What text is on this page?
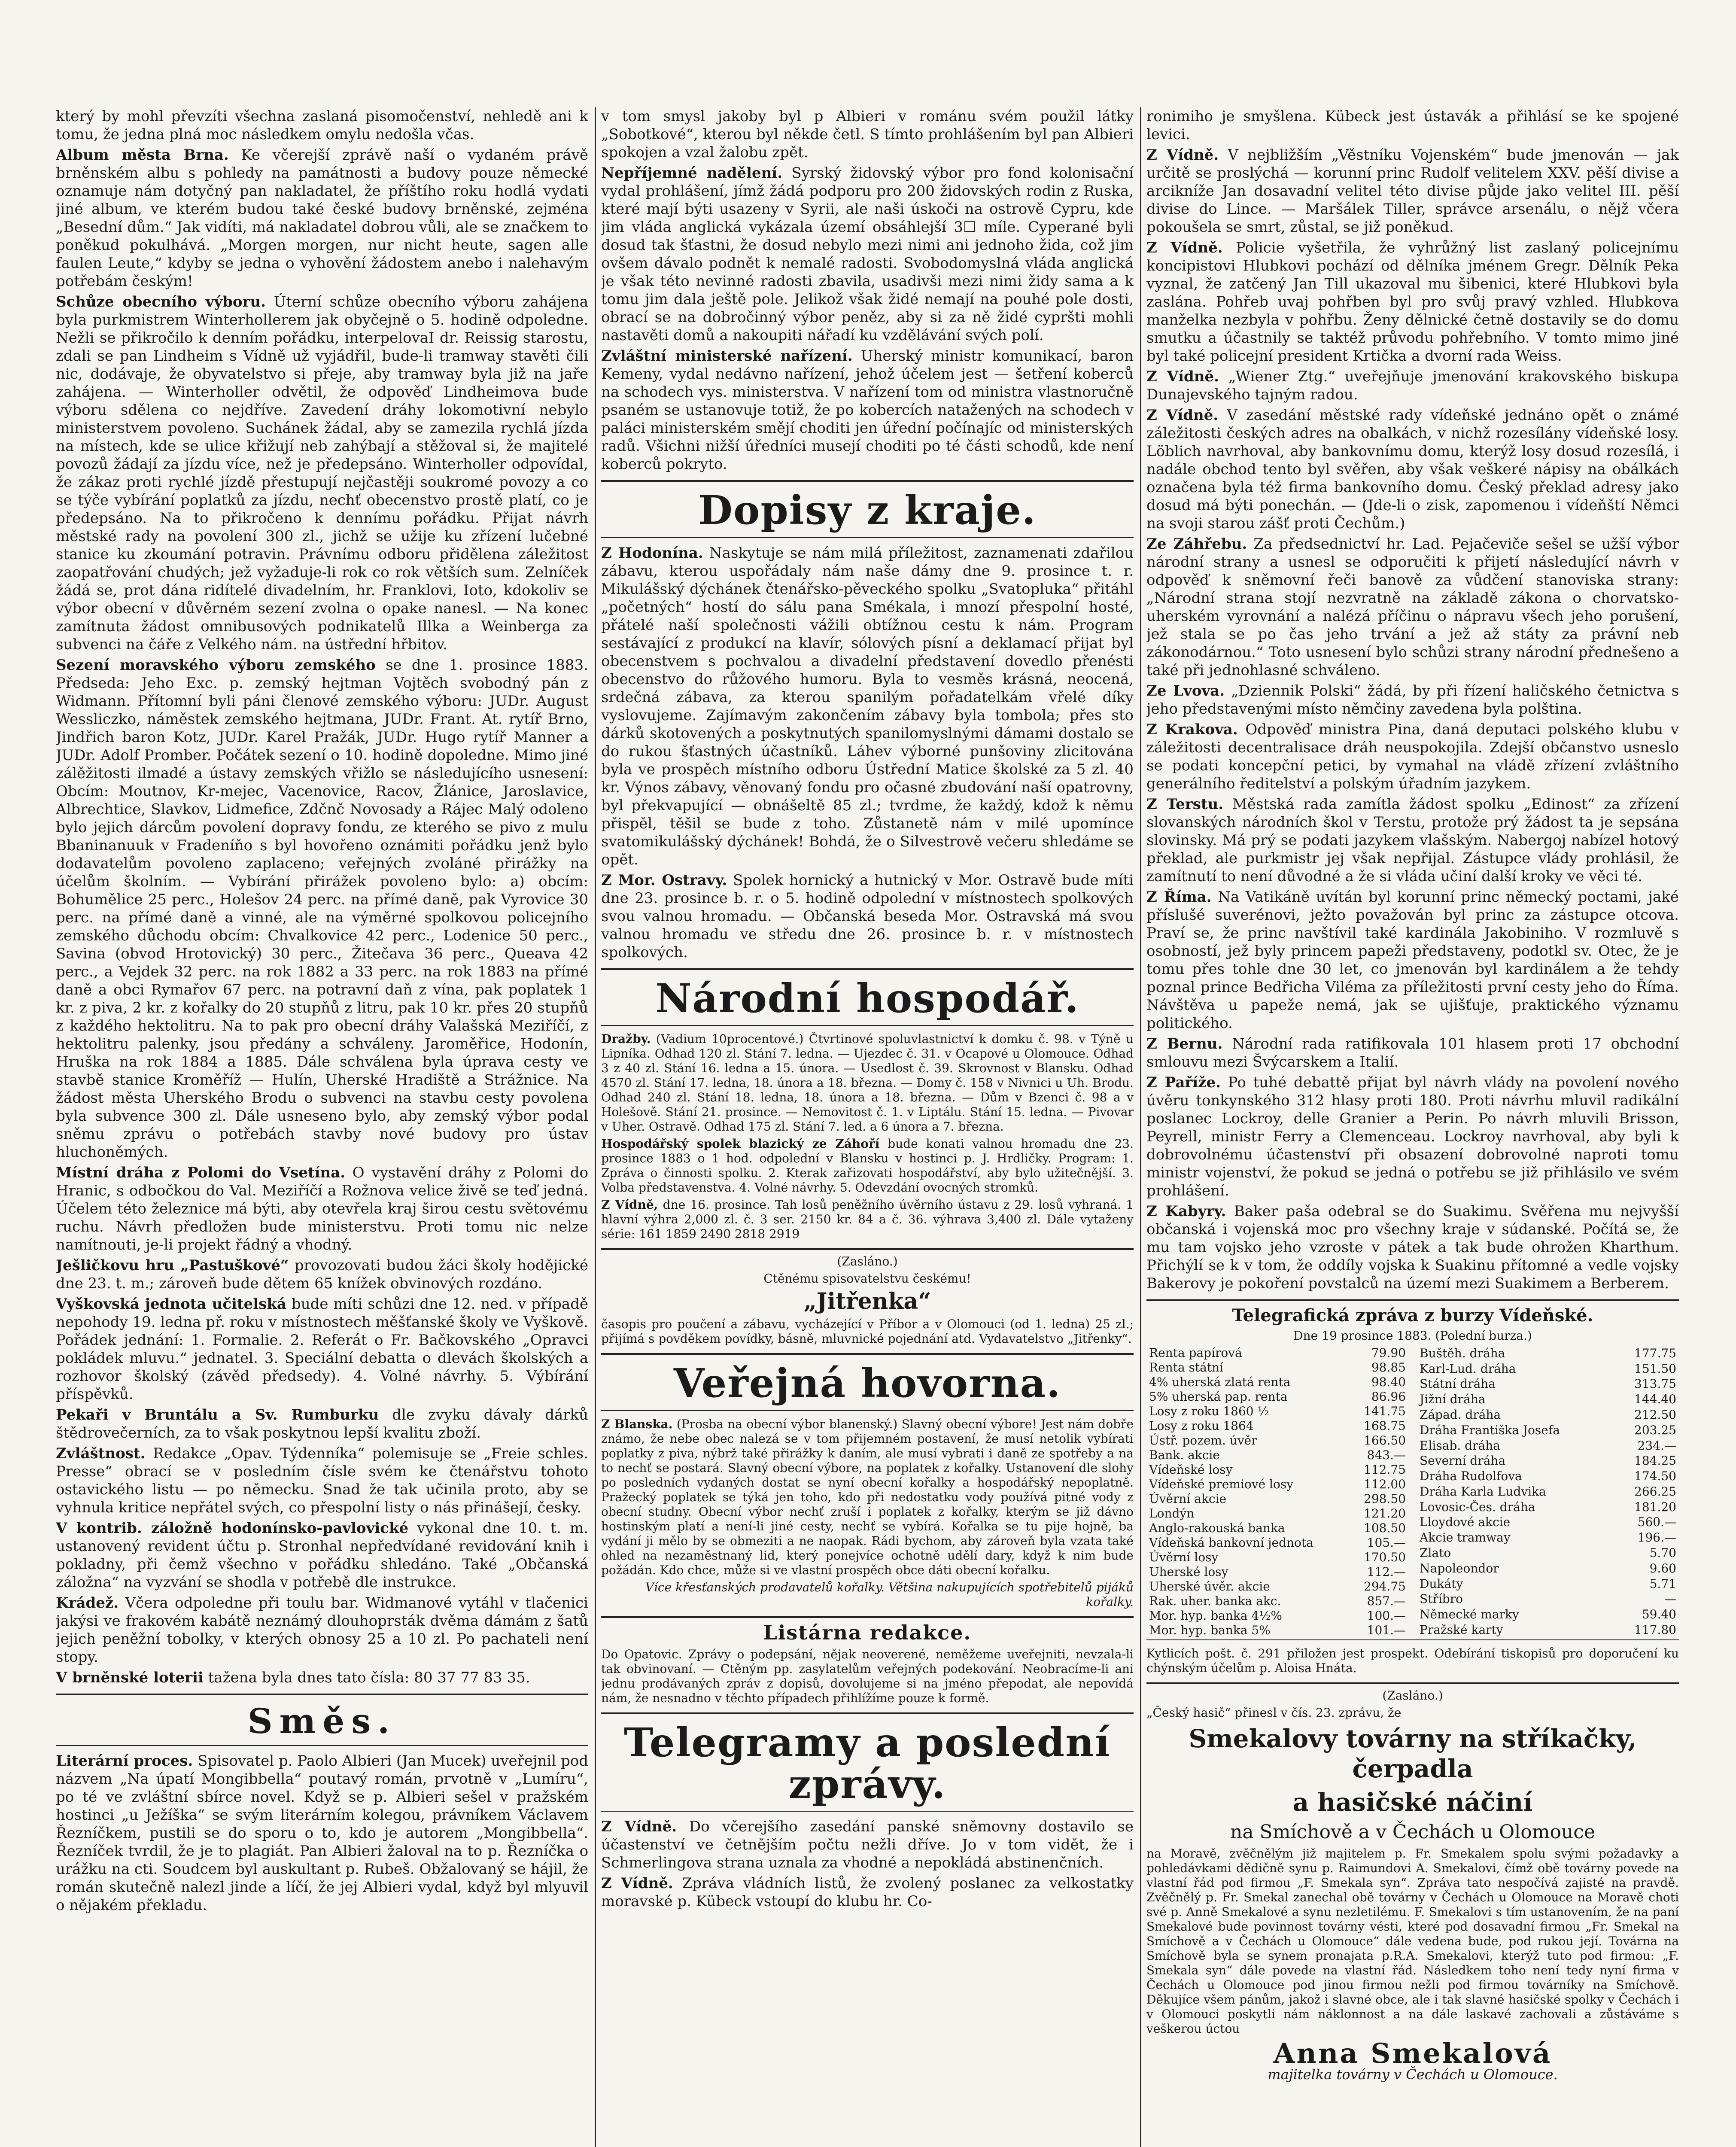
který by mohl převzíti všechna zaslaná pisomočenství, nehledě ani k tomu, že jedna plná moc následkem omylu nedošla včas.

Album města Brna. Ke včerejší zprávě naší o vydaném právě brněnském albu s pohledy na památnosti a budovy pouze německé oznamuje nám dotyčný pan nakladatel, že příštího roku hodlá vydati jiné album, ve kterém budou také české budovy brněnské, zejména „Besední dům.“ Jak vidíti, má nakladatel dobrou vůli, ale se značkem to poněkud pokulhává. „Morgen morgen, nur nicht heute, sagen alle faulen Leute,“ kdyby se jedna o vyhovění žádostem anebo i nalehavým potřebám českým!

Schůze obecního výboru. Úterní schůze obecního výboru zahájena byla purkmistrem Winterhollerem jak obyčejně o 5. hodině odpoledne. Nežli se přikročilo k denním pořádku, interpelovaI dr. Reissig starostu, zdali se pan Lindheim s Vídně už vyjádřil, bude-li tramway stavěti čili nic, dodávaje, že obyvatelstvo si přeje, aby tramway byla již na jaře zahájena. — Winterholler odvětil, že odpověď Lindheimova bude výboru sdělena co nejdříve. Zavedení dráhy lokomotivní nebylo ministerstvem povoleno. Suchánek žádal, aby se zamezila rychlá jízda na místech, kde se ulice křižují neb zahýbají a stěžoval si, že majitelé povozů žádají za jízdu více, než je předepsáno. Winterholler odpovídal, že zákaz proti rychlé jízdě přestupují nejčastěji soukromé povozy a co se týče vybírání poplatků za jízdu, nechť obecenstvo prostě platí, co je předepsáno. Na to přikročeno k dennímu pořádku. Přijat návrh městské rady na povolení 300 zl., jichž se užije ku zřízení lučebné stanice ku zkoumání potravin. Právnímu odboru přidělena záležitost zaopatřování chudých; jež vyžaduje-li rok co rok větších sum. Zelníček žádá se, prot dána ridítelé divadelním, hr. Franklovi, Ioto, kdokoliv se výbor obecní v důvěrném sezení zvolna o opakе nanesl. — Na konec zamítnuta žádost omnibusových podnikatelů Illka a Weinberga za subvenci na čáře z Velkého nám. na ústřední hřbitov.

Sezení moravského výboru zemského se dne 1. prosince 1883. Předseda: Jeho Exc. p. zemský hejtman Vojtěch svobodný pán z Widmann. Přítomní byli páni členové zemského výboru: JUDr. August Wessliczko, náměstek zemského hejtmana, JUDr. Frant. At. rytíř Brno, Jindřich baron Kotz, JUDr. Karel Pražák, JUDr. Hugo rytíř Manner a JUDr. Adolf Promber. Počátek sezení o 10. hodině dopoledne. Mimo jiné zálěžitosti ilmadé a ústavy zemských vřižlo se následujícího usnesení: Obcím: Moutnov, Kr-mejec, Vacenovice, Racov, Žlánice, Jaroslavice, Albrechtice, Slavkov, Lidmefice, Zdčnč Novosady a Rájec Malý odoleno bylo jejich dárcům povolení dopravy fondu, ze kterého se pivo z mulu Bbaninanuuk v Fradeníňo s byl hovořeno oznámiti pořádku jenž bylo dodavatelům povoleno zaplaceno; veřejných zvoláné přirážky na účelům školním. — Vybírání přirážek povoleno bylo: a) obcím: Bohumělice 25 perc., Holešov 24 perc. na přímé daně, pak Vyrovice 30 perc. na přímé daně a vinné, ale na výměrné spolkovou policejního zemského důchodu obcím: Chvalkovice 42 perc., Lodenice 50 perc., Savina (obvod Hrotovický) 30 perc., Žitečava 36 perc., Queava 42 perc., a Vejdek 32 perc. na rok 1882 a 33 perc. na rok 1883 na přímé daně a obci Rymařov 67 perc. na potravní daň z vína, pak poplatek 1 kr. z piva, 2 kr. z kořalky do 20 stupňů z litru, pak 10 kr. přes 20 stupňů z každého hektolitru. Na to pak pro obecní dráhy Valašská Meziříčí, z hektolitru palenky, jsou předány a schváleny. Jaroměřice, Hodonín, Hruška na rok 1884 a 1885. Dále schválena byla úprava cesty ve stavbě stanice Kroměříž — Hulín, Uherské Hradiště a Strážnice. Na žádost města Uherského Brodu o subvenci na stavbu cesty povolena byla subvence 300 zl. Dále usneseno bylo, aby zemský výbor podal sněmu zprávu o potřebách stavby nové budovy pro ústav hluchoněmých.

Místní dráha z Polomi do Vsetína. O vystavění dráhy z Polomi do Hranic, s odbočkou do Val. Meziříčí a Rožnova velice živě se teď jedná. Účelem této železnice má býti, aby otevřela kraj širou cestu světovému ruchu. Návrh předložen bude ministerstvu. Proti tomu nic nelze namítnouti, je-li projekt řádný a vhodný.

Ješličkovu hru „Pastuškové“ provozovati budou žáci školy hodějické dne 23. t. m.; zároveň bude dětem 65 knížek obvinových rozdáno.

Vyškovská jednota učitelská bude míti schůzi dne 12. ned. v případě nepohody 19. ledna př. roku v místnostech měšťanské školy ve Vyškově. Pořádek jednání: 1. Formalie. 2. Referát o Fr. Bačkovského „Opravci pokládek mluvu.“ jednatel. 3. Speciální debatta o dlevách školských a rozhovor školský (závěd předsedy). 4. Volné návrhy. 5. Výbírání příspěvků.

Pekaři v Bruntálu a Sv. Rumburku dle zvyku dávaly dárků štědrovečerních, za to však poskytnou lepší kvalitu zboží.

Zvláštnost. Redakce „Opav. Týdenníka“ polemisuje se „Freie schles. Presse“ obrací se v posledním čísle svém ke čtenářstvu tohoto ostavického listu — po německu. Snad že tak učinila proto, aby se vyhnula kritice nepřátel svých, co přespolní listy o nás přinášejí, česky.

V kontrib. záložně hodonínsko-pavlovické vykonal dne 10. t. m. ustanovený revident účtu p. Stronhal nepředvídané revidování knih i pokladny, při čemž všechno v pořádku shledáno. Také „Občanská záložna“ na vyzvání se shodla v potřebě dle instrukce.

Krádež. Včera odpoledne při toulu bar. Widmanové vytáhl v tlačenici jakýsi ve frakovém kabátě neznámý dlouhoprsták dvěma dámám z šatů jejich peněžní tobolky, v kterých obnosy 25 a 10 zl. Po pachateli není stopy.

V brněnské loterii tažena byla dnes tato čísla: 80 37 77 83 35.

Směs.

Literární proces. Spisovatel p. Paolo Albieri (Jan Mucek) uveřejnil pod názvem „Na úpatí Mongibbella“ poutavý román, prvotně v „Lumíru“, po té ve zvláštní sbírce novel. Když se p. Albieri sešel v pražském hostinci „u Ježíška“ se svým literárním kolegou, právníkem Václavem Řezníčkem, pustili se do sporu o to, kdo je autorem „Mongibbella“. Řezníček tvrdil, že je to plagiát. Pan Albieri žaloval na to p. Řezníčka o urážku na cti. Soudcem byl auskultant p. Rubeš. Obžalovaný se hájil, že román skutečně nalezl jinde a líčí, že jej Albieri vydal, když byl mlyuvil o nějakém překladu.

v tom smysl jakoby byl p Albieri v románu svém použil látky „Sobotkové“, kterou byl někde četl. S tímto prohlášením byl pan Albieri spokojen a vzal žalobu zpět.

Nepříjemné nadělení. Syrský židovský výbor pro fond kolonisační vydal prohlášení, jímž žádá podporu pro 200 židovských rodin z Ruska, které mají býti usazeny v Syrii, ale naši úskoči na ostrově Cypru, kde jim vláda anglická vykázala území obsáhlejší 3☐ míle. Cyperané byli dosud tak šťastni, že dosud nebylo mezi nimi ani jednoho žida, což jim ovšem dávalo podnět k nemalé radosti. Svobodomyslná vláda anglická je však této nevinné radosti zbavila, usadivši mezi nimi židy sama a k tomu jim dala ještě pole. Jelikož však židé nemají na pouhé pole dosti, obrací se na dobročinný výbor peněz, aby si za ně židé cypršti mohli nastavěti domů a nakoupiti nářadí ku vzdělávání svých polí.

Zvláštní ministerské nařízení. Uherský ministr komunikací, baron Kemeny, vydal nedávno nařízení, jehož účelem jest — šetření koberců na schodech vys. ministerstva. V nařízení tom od ministra vlastnoručně psaném se ustanovuje totiž, že po kobercích natažených na schodech v paláci ministerském smějí choditi jen úřední počínajíc od ministerských radů. Všichni nižší úředníci musejí choditi po té části schodů, kde není koberců pokryto.

Dopisy z kraje.

Z Hodonína. Naskytuje se nám milá příležitost, zaznamenati zdařilou zábavu, kterou uspořádaly nám naše dámy dne 9. prosince t. r. Mikulášský dýchánek čtenářsko-pěveckého spolku „Svatopluka“ přitáhl „početných“ hostí do sálu pana Smékala, i mnozí přespolní hosté, přátelé naší společnosti vážili obtížnou cestu k nám. Program sestávající z produkcí na klavír, sólových písní a deklamací přijat byl obecenstvem s pochvalou a divadelní představení dovedlo přenésti obecenstvo do růžového humoru. Byla to vesměs krásná, neocená, srdečná zábava, za kterou spanilým pořadatelkám vřelé díky vyslovujeme. Zajímavým zakončením zábavy byla tombola; přes sto dárků skotovených a poskytnutých spanilomyslnými dámami dostalo se do rukou šťastných účastníků. Láhev výborné punšoviny zlicitována byla ve prospěch místního odboru Ústřední Matice školské za 5 zl. 40 kr. Výnos zábavy, věnovaný fondu pro očasné zbudování naší opatrovny, byl překvapující — obnášeltě 85 zl.; tvrdme, že každý, kdož k němu přispěl, těšil se bude z toho. Zůstanetě nám v milé upomínce svatomikulášský dýchánek! Bohdá, že o Silvestrově večeru shledáme se opět.

Z Mor. Ostravy. Spolek hornický a hutnický v Mor. Ostravě bude míti dne 23. prosince b. r. o 5. hodině odpolední v místnostech spolkových svou valnou hromadu. — Občanská beseda Mor. Ostravská má svou valnou hromadu ve středu dne 26. prosince b. r. v místnostech spolkových.

Národní hospodář.

Dražby. (Vadium 10procentové.) Čtvrtinové spoluvlastnictví k domku č. 98. v Týně u Lipníka. Odhad 120 zl. Stání 7. ledna. — Ujezdec č. 31. v Ocapové u Olomouce. Odhad 3 z 40 zl. Stání 16. ledna a 15. února. — Usedlost č. 39. Skrovnost v Blansku. Odhad 4570 zl. Stání 17. ledna, 18. února a 18. března. — Domy č. 158 v Nivnici u Uh. Brodu. Odhad 240 zl. Stání 18. ledna, 18. února a 18. března. — Dům v Bzenci č. 98 a v Holešově. Stání 21. prosince. — Nemovitost č. 1. v Liptálu. Stání 15. ledna. — Pivovar v Uher. Ostravě. Odhad 175 zl. Stání 7. led. a 6 února a 7. března.

Hospodářský spolek blazický ze Záhoří bude konati valnou hromadu dne 23. prosince 1883 o 1 hod. odpolední v Blansku v hostinci p. J. Hrdličky. Program: 1. Zpráva o činnosti spolku. 2. Kterak zařizovati hospodářství, aby bylo užitečnější. 3. Volba představenstva. 4. Volné návrhy. 5. Odevzdání ovocných stromků.

Z Vídně, dne 16. prosince. Tah losů peněžního úvěrního ústavu z 29. losů vyhraná. 1 hlavní výhra 2,000 zl. č. 3 ser. 2150 kr. 84 a č. 36. výhrava 3,400 zl. Dále vytaženy série: 161 1859 2490 2818 2919

(Zasláno.)

Ctěnému spisovatelstvu českému!

„Jitřenka“

časopis pro poučení a zábavu, vycházející v Příbor a v Olomouci (od 1. ledna) 25 zl.; přijímá s povděkem povídky, básně, mluvnické pojednání atd. Vydavatelstvo „Jitřenky“.

Veřejná hovorna.

Z Blanska. (Prosba na obecní výbor blanenský.) Slavný obecní výbore! Jest nám dobře známo, že nebe obec nalezá se v tom přijemném postavení, že musí netolik vybírati poplatky z piva, nýbrž také přirážky k daním, ale musí vybrati i daně ze spotřeby a na to nechť se postará. Slavný obecní výbore, na poplatek z kořalky. Ustanovení dle slohy po posledních vydaných dostat se nyní obecní kořalky a hospodářský nepoplatně. Pražecký poplatek se týká jen toho, kdo při nedostatku vody používá pitné vody z obecní studny. Obecní výbor nechť zruší i poplatek z kořalky, kterým se již dávno hostinským platí a není-li jiné cesty, nechť se vybírá. Kořalka se tu pije hojně, ba vydání ji mělo by se obmeziti a ne naopak. Rádi bychom, aby zároveň byla vzata také ohled na nezaměstnaný lid, který ponejvíce ochotně udělí dary, když k nim bude požádán. Kdo chce, může si ve vlastní prospěch obce dáti obecní kořalku.

Více křesťanských prodavatelů kořalky. Většina nakupujících spotřebitelů pijáků kořalky.

Listárna redakce.

Do Opatovic. Zprávy o podepsání, nějak neoverené, neměžeme uveřejniti, nevzala-li tak obvinovaní. — Ctěným pp. zasylatelům veřejných podekování. Neobracíme-li ani jednu prodávaných zpráv z dopisů, dovolujeme si na jméno přepodat, ale nepovídá nám, že nesnadno v těchto případech přihlížíme pouze k formě.

Telegramy a poslední zprávy.

Z Vídně. Do včerejšího zasedání panské sněmovny dostavilo se účastenství ve četnějším počtu nežli dříve. Jo v tom vidět, že i Schmerlingova strana uznala za vhodné a nepokládá abstinenčních.

Z Vídně. Zpráva vládních listů, že zvolený poslanec za velkostatky moravské p. Kübeck vstoupí do klubu hr. Co-

ronimiho je smyšlena. Kübeck jest ústavák a přihlásí se ke spojené levici.

Z Vídně. V nejbližším „Věstníku Vojenském“ bude jmenován — jak určitě se proslýchá — korunní princ Rudolf velitelem XXV. pěší divise a arcikníže Jan dosavadní velitel této divise půjde jako velitel III. pěší divise do Lince. — Maršálek Tiller, správce arsenálu, o nějž včera pokoušela se smrt, zůstal, se již poněkud.

Z Vídně. Policie vyšetřila, že vyhrůžný list zaslaný policejnímu koncipistovi Hlubkovi pochází od dělníka jménem Gregr. Dělník Peka vyznal, že zatčený Jan Till ukazoval mu šibenici, které Hlubkovi byla zaslána. Pohřeb uvaj pohřben byl pro svůj pravý vzhled. Hlubkova manželka nezbyla v pohřbu. Ženy dělnické četně dostavily se do domu smutku a účastnily se taktéž průvodu pohřebního. V tomto mimo jiné byl také policejní president Krtička a dvorní rada Weiss.

Z Vídně. „Wiener Ztg.“ uveřejňuje jmenování krakovského biskupa Dunajevského tajným radou.

Z Vídně. V zasedání městské rady vídeňské jednáno opět o známé záležitosti českých adres na obalkách, v nichž rozesílány vídeňské losy. Löblich navrhoval, aby bankovnímu domu, kterýž losy dosud rozesílá, i nadále obchod tento byl svěřen, aby však veškeré nápisy na obálkách označena byla též firma bankovního domu. Český překlad adresy jako dosud má býti ponechán. — (Jde-li o zisk, zapomenou i vídeňští Němci na svoji starou zášť proti Čechům.)

Ze Záhřebu. Za předsednictví hr. Lad. Pejačeviče sešel se užší výbor národní strany a usnesl se odporučiti k přijetí následující návrh v odpověď k sněmovní řeči banově za vůdčení stanoviska strany: „Národní strana stojí nezvratně na základě zákona o chorvatsko-uherském vyrovnání a nalézá příčinu o nápravu všech jeho porušení, jež stala se po čas jeho trvání a jež až státy za právní neb zákonodárnou.“ Toto usnesení bylo schůzi strany národní přednešeno a také při jednohlasné schváleno.

Ze Lvova. „Dziennik Polski“ žádá, by při řízení haličského četnictva s jeho představenými místo němčiny zavedena byla polština.

Z Krakova. Odpověď ministra Pina, daná deputaci polského klubu v záležitosti decentralisace dráh neuspokojila. Zdejší občanstvo usneslo se podati koncepční petici, by vymahal na vládě zřízení zvláštního generálního ředitelství a polským úřadním jazykem.

Z Terstu. Městská rada zamítla žádost spolku „Edinost“ za zřízení slovanských národních škol v Terstu, protože prý žádost ta je sepsána slovinsky. Má prý se podati jazykem vlašským. Nabergoj nabízel hotový překlad, ale purkmistr jej však nepřijal. Zástupce vlády prohlásil, že zamítnutí to není důvodné a že si vláda učiní další kroky ve věci té.

Z Říma. Na Vatikáně uvítán byl korunní princ německý poctami, jaké příslušé suverénovi, ježto považován byl princ za zástupce otcova. Praví se, že princ navštívil také kardinála Jakobiniho. V rozmluvě s osobností, jež byly princem papeži představeny, podotkl sv. Otec, že je tomu přes tohle dne 30 let, co jmenován byl kardinálem a že tehdy poznal prince Bedřicha Viléma za příležitosti první cesty jeho do Říma. Návštěva u papeže nemá, jak se ujišťuje, praktického významu politického.

Z Bernu. Národní rada ratifikovala 101 hlasem proti 17 obchodní smlouvu mezi Švýcarskem a Italií.

Z Paříže. Po tuhé debattě přijat byl návrh vlády na povolení nového úvěru tonkynského 312 hlasy proti 180. Proti návrhu mluvil radikální poslanec Lockroy, delle Granier a Perin. Po návrh mluvili Brisson, Peyrell, ministr Ferry a Clemenceau. Lockroy navrhoval, aby byli k dobrovolnému účastenství při obsazení dobrovolné naproti tomu ministr vojenství, že pokud se jedná o potřebu se již přihlásilo ve svém prohlášení.

Z Kabyry. Baker paša odebral se do Suakimu. Svěřena mu nejvyšší občanská i vojenská moc pro všechny kraje v súdanské. Počítá se, že mu tam vojsko jeho vzroste v pátek a tak bude ohrožen Kharthum. Přichýlí se k v tom, že oddíly vojska k Suakinu přítomné a vedle vojsky Bakerovy je pokoření povstalců na území mezi Suakimem a Berberem.

Telegrafická zpráva z burzy Vídeňské.

Dne 19 prosince 1883. (Polední burza.)

Renta papírová	79.90
Renta státní	98.85
4% uherská zlatá renta	98.40
5% uherská pap. renta	86.96
Losy z roku 1860 ½	141.75
Losy z roku 1864	168.75
Ústř. pozem. úvěr	166.50
Bank. akcie	843.—
Vídeňské losy	112.75
Vídeňské premiové losy	112.00
Úvěrní akcie	298.50
Londýn	121.20
Anglo-rakouská banka	108.50
Vídeňská bankovní jednota	105.—
Úvěrní losy	170.50
Uherské losy	112.—
Uherské úvěr. akcie	294.75
Rak. uher. banka akc.	857.—
Mor. hyp. banka 4½%	100.—
Mor. hyp. banka 5%	101.—
Buštěh. dráha	177.75
Karl-Lud. dráha	151.50
Státní dráha	313.75
Jižní dráha	144.40
Západ. dráha	212.50
Dráha Františka Josefa	203.25
Elisab. dráha	234.—
Severní dráha	184.25
Dráha Rudolfova	174.50
Dráha Karla Ludvika	266.25
Lovosic-Čes. dráha	181.20
Lloydové akcie	560.—
Akcie tramway	196.—
Zlato	5.70
Napoleondor	9.60
Dukáty	5.71
Stříbro	—
Německé marky	59.40
Pražské karty	117.80

Kytlicích pošt. č. 291 přiložen jest prospekt. Odebírání tiskopisů pro doporučení ku chýnským účelům p. Aloisa Hnáta.

(Zasláno.)

„Český hasič“ přinesl v čís. 23. zprávu, že

Smekalovy továrny na stříkačky, čerpadla

a hasičské náčiní

na Smíchově a v Čechách u Olomouce

na Moravě, zvěčnělým již majitelem p. Fr. Smekalem spolu svými požadavky a pohledávkami dědičně synu p. Raimundovi A. Smekalovi, čímž obě továrny povede na vlastní řád pod firmou „F. Smekala syn“. Zpráva tato nespočívá zajisté na pravdě. Zvěčnělý p. Fr. Smekal zanechal obě továrny v Čechách u Olomouce na Moravě choti své p. Anně Smekalové a synu nezletilému. F. Smekalovi s tím ustanovením, že na paní Smekalové bude povinnost továrny vésti, které pod dosavadní firmou „Fr. Smekal na Smíchově a v Čechách u Olomouce“ dále vedena bude, pod rukou její. Továrna na Smíchově byla se synem pronajata p.R.A. Smekalovi, kterýž tuto pod firmou: „F. Smekala syn“ dále povede na vlastní řád. Následkem toho není tedy nyní firma v Čechách u Olomouce pod jinou firmou nežli pod firmou továrníky na Smíchově. Děkujíce všem pánům, jakož i slavné obce, ale i tak slavné hasičské spolky v Čechách i v Olomouci poskytli nám náklonnost a na dále laskavé zachovali a zůstáváme s veškerou úctou

Anna Smekalová

majitelka továrny v Čechách u Olomouce.
